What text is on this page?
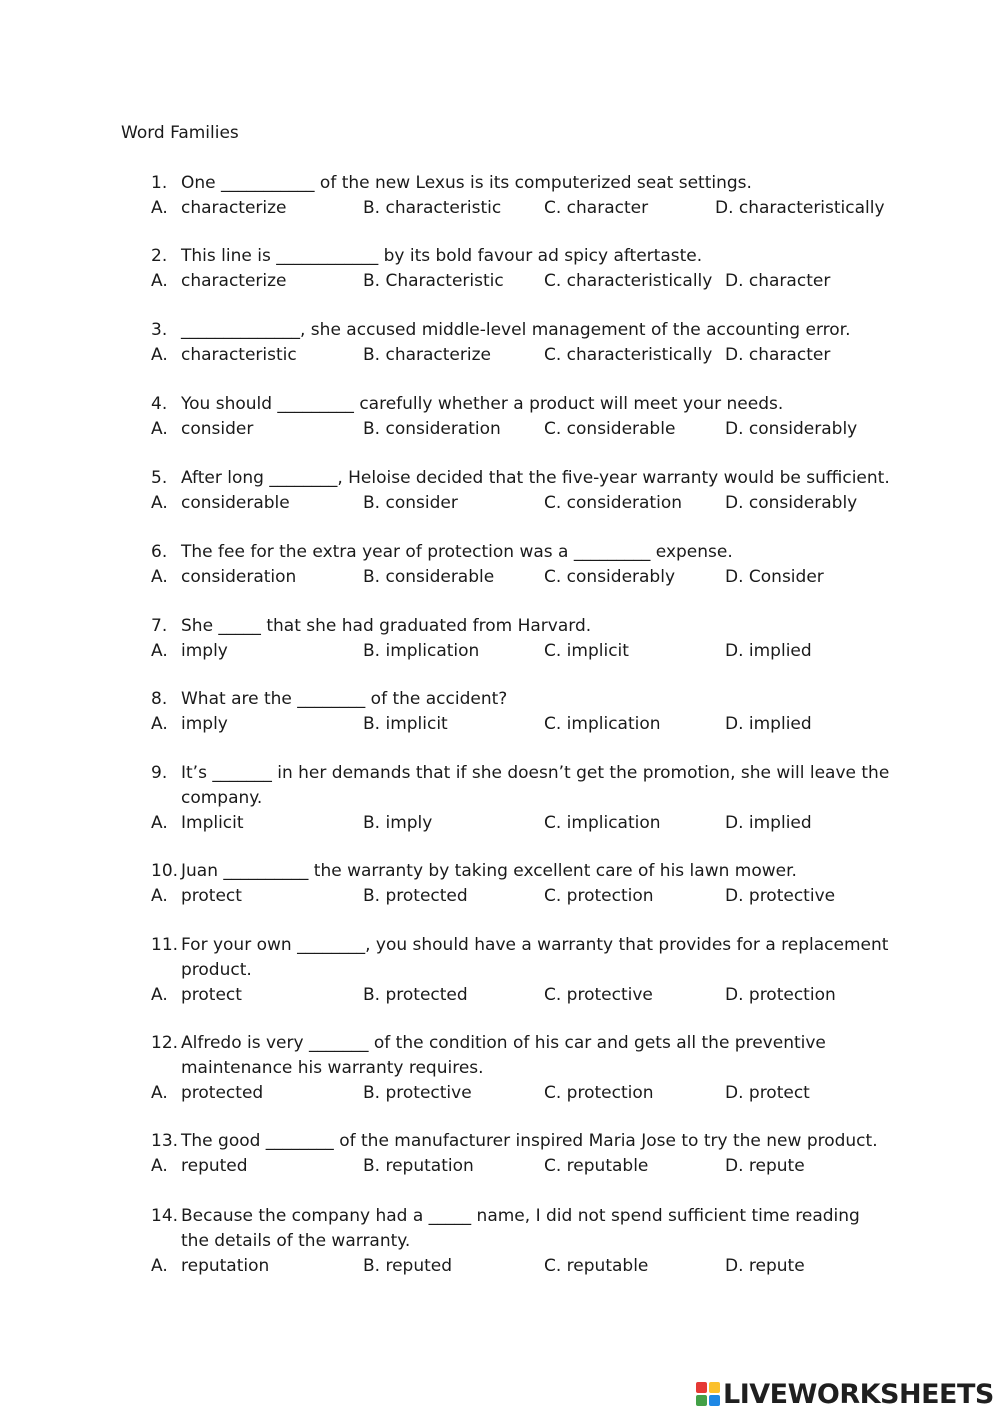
Word Families
1. One ___________ of the new Lexus is its computerized seat settings.
A. characterize	B. characteristic	C. character	D. characteristically
2. This line is ____________ by its bold favour ad spicy aftertaste.
A. characterize	B. Characteristic C. characteristically D. character
3. ______________, she accused middle-level management of the accounting error.
A. characteristic	B. characterize	C. characteristically D. character
4. You should _________ carefully whether a product will meet your needs.
A. consider	B. consideration	C. considerable	D. considerably
5. After long ________, Heloise decided that the five-year warranty would be sufficient.
A. considerable	B. consider	C. consideration	D. considerably
6. The fee for the extra year of protection was a _________ expense.
A. consideration	B. considerable	C. considerably	D. Consider
7. She _____ that she had graduated from Harvard.
A. imply	B. implication	C. implicit	D. implied
8. What are the ________ of the accident?
A. imply	B. implicit	C. implication	D. implied
9. It’s _______ in her demands that if she doesn’t get the promotion, she will leave the company.
A. Implicit	B. imply	C. implication	D. implied
10. Juan __________ the warranty by taking excellent care of his lawn mower.
A. protect	B. protected	C. protection	D. protective
11. For your own ________, you should have a warranty that provides for a replacement product.
A. protect	B. protected	C. protective	D. protection
12. Alfredo is very _______ of the condition of his car and gets all the preventive maintenance his warranty requires.
A. protected	B. protective	C. protection	D. protect
13. The good ________ of the manufacturer inspired Maria Jose to try the new product.
A. reputed	B. reputation	C. reputable	D. repute
14. Because the company had a _____ name, I did not spend sufficient time reading the details of the warranty.
A. reputation	B. reputed	C. reputable	D. repute
LIVEWORKSHEETS
